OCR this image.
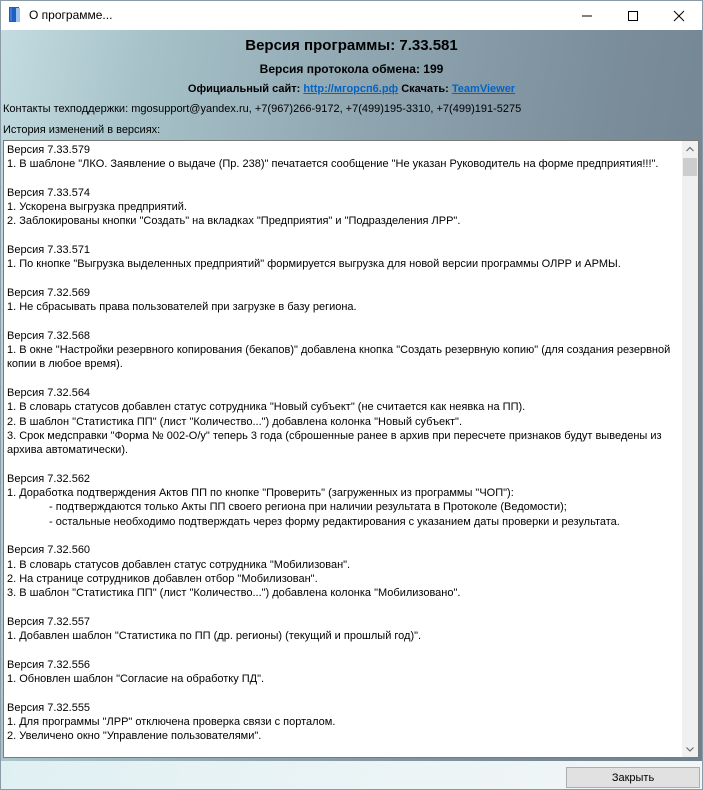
О программе...
Версия программы: 7.33.581
Версия протокола обмена: 199
Официальный сайт: http://мгорсп6.рф Скачать: TeamViewer
Контакты техподдержки: mgosupport@yandex.ru, +7(967)266-9172, +7(499)195-3310, +7(499)191-5275
История изменений в версиях:

Версия 7.33.579

1. В шаблоне "ЛКО. Заявление о выдаче (Пр. 238)" печатается сообщение "Не указан Руководитель на форме предприятия!!!".

Версия 7.33.574

1. Ускорена выгрузка предприятий.

2. Заблокированы кнопки "Создать" на вкладках "Предприятия" и "Подразделения ЛРР".

Версия 7.33.571

1. По кнопке "Выгрузка выделенных предприятий" формируется выгрузка для новой версии программы ОЛРР и АРМЫ.

Версия 7.32.569

1. Не сбрасывать права пользователей при загрузке в базу региона.

Версия 7.32.568

1. В окне "Настройки резервного копирования (бекапов)" добавлена кнопка "Создать резервную копию" (для создания резервной

копии в любое время).

Версия 7.32.564

1. В словарь статусов добавлен статус сотрудника "Новый субъект" (не считается как неявка на ПП).

2. В шаблон "Статистика ПП" (лист "Количество...") добавлена колонка "Новый субъект".

3. Срок медсправки "Форма № 002-О/у" теперь 3 года (сброшенные ранее в архив при пересчете признаков будут выведены из

архива автоматически).

Версия 7.32.562

1. Доработка подтверждения Актов ПП по кнопке "Проверить" (загруженных из программы "ЧОП"):

- подтверждаются только Акты ПП своего региона при наличии результата в Протоколе (Ведомости);

- остальные необходимо подтверждать через форму редактирования с указанием даты проверки и результата.

Версия 7.32.560

1. В словарь статусов добавлен статус сотрудника "Мобилизован".

2. На странице сотрудников добавлен отбор "Мобилизован".

3. В шаблон "Статистика ПП" (лист "Количество...") добавлена колонка "Мобилизовано".

Версия 7.32.557

1. Добавлен шаблон "Статистика по ПП (др. регионы) (текущий и прошлый год)".

Версия 7.32.556

1. Обновлен шаблон "Согласие на обработку ПД".

Версия 7.32.555

1. Для программы "ЛРР" отключена проверка связи с порталом.

2. Увеличено окно "Управление пользователями".

Закрыть
